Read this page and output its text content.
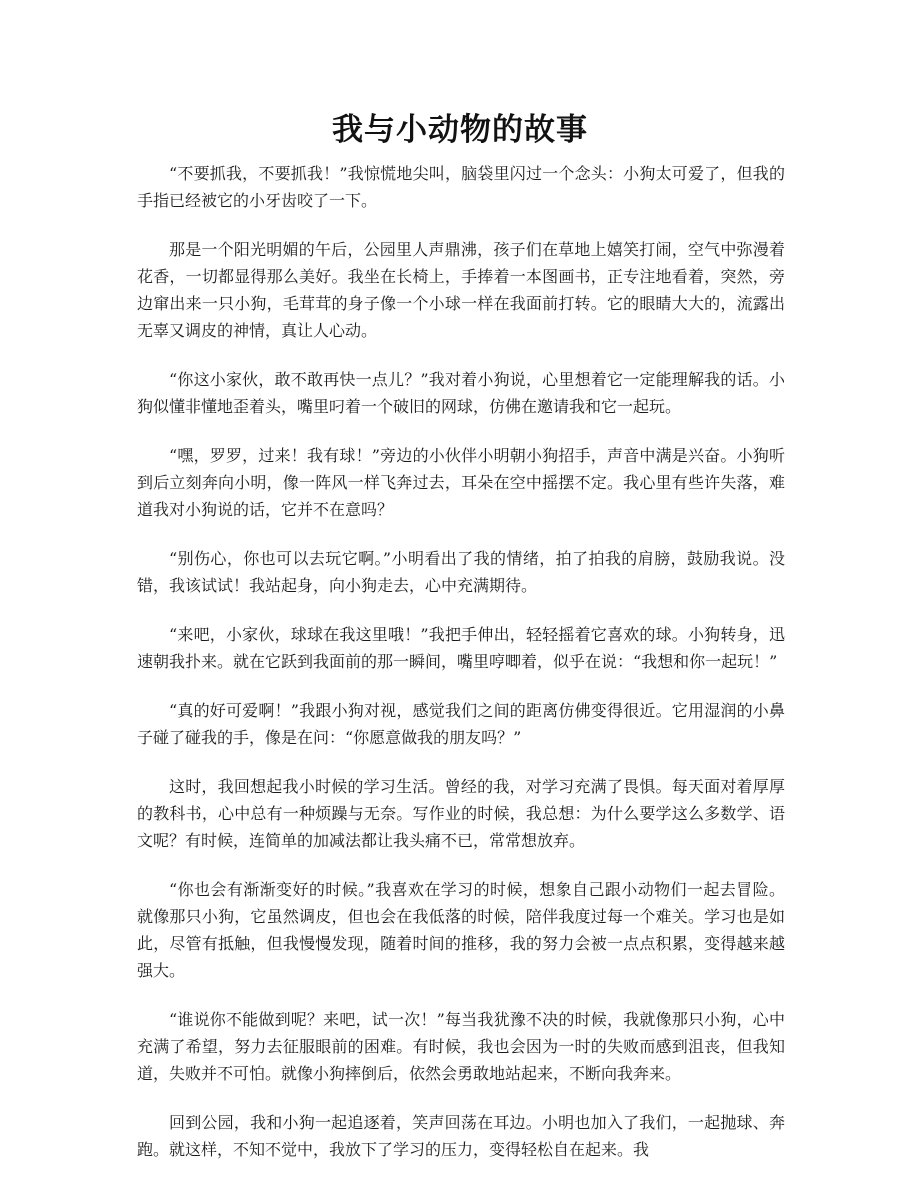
我与小动物的故事

“不要抓我，不要抓我！”我惊慌地尖叫，脑袋里闪过一个念头：小狗太可爱了，但我的手指已经被它的小牙齿咬了一下。

那是一个阳光明媚的午后，公园里人声鼎沸，孩子们在草地上嬉笑打闹，空气中弥漫着花香，一切都显得那么美好。我坐在长椅上，手捧着一本图画书，正专注地看着，突然，旁边窜出来一只小狗，毛茸茸的身子像一个小球一样在我面前打转。它的眼睛大大的，流露出无辜又调皮的神情，真让人心动。

“你这小家伙，敢不敢再快一点儿？”我对着小狗说，心里想着它一定能理解我的话。小狗似懂非懂地歪着头，嘴里叼着一个破旧的网球，仿佛在邀请我和它一起玩。

“嘿，罗罗，过来！我有球！”旁边的小伙伴小明朝小狗招手，声音中满是兴奋。小狗听到后立刻奔向小明，像一阵风一样飞奔过去，耳朵在空中摇摆不定。我心里有些许失落，难道我对小狗说的话，它并不在意吗？

“别伤心，你也可以去玩它啊。”小明看出了我的情绪，拍了拍我的肩膀，鼓励我说。没错，我该试试！我站起身，向小狗走去，心中充满期待。

“来吧，小家伙，球球在我这里哦！”我把手伸出，轻轻摇着它喜欢的球。小狗转身，迅速朝我扑来。就在它跃到我面前的那一瞬间，嘴里哼唧着，似乎在说：“我想和你一起玩！”

“真的好可爱啊！”我跟小狗对视，感觉我们之间的距离仿佛变得很近。它用湿润的小鼻子碰了碰我的手，像是在问：“你愿意做我的朋友吗？”

这时，我回想起我小时候的学习生活。曾经的我，对学习充满了畏惧。每天面对着厚厚的教科书，心中总有一种烦躁与无奈。写作业的时候，我总想：为什么要学这么多数学、语文呢？有时候，连简单的加减法都让我头痛不已，常常想放弃。

“你也会有渐渐变好的时候。”我喜欢在学习的时候，想象自己跟小动物们一起去冒险。就像那只小狗，它虽然调皮，但也会在我低落的时候，陪伴我度过每一个难关。学习也是如此，尽管有抵触，但我慢慢发现，随着时间的推移，我的努力会被一点点积累，变得越来越强大。

“谁说你不能做到呢？来吧，试一次！”每当我犹豫不决的时候，我就像那只小狗，心中充满了希望，努力去征服眼前的困难。有时候，我也会因为一时的失败而感到沮丧，但我知道，失败并不可怕。就像小狗摔倒后，依然会勇敢地站起来，不断向我奔来。

回到公园，我和小狗一起追逐着，笑声回荡在耳边。小明也加入了我们，一起抛球、奔跑。就这样，不知不觉中，我放下了学习的压力，变得轻松自在起来。我
